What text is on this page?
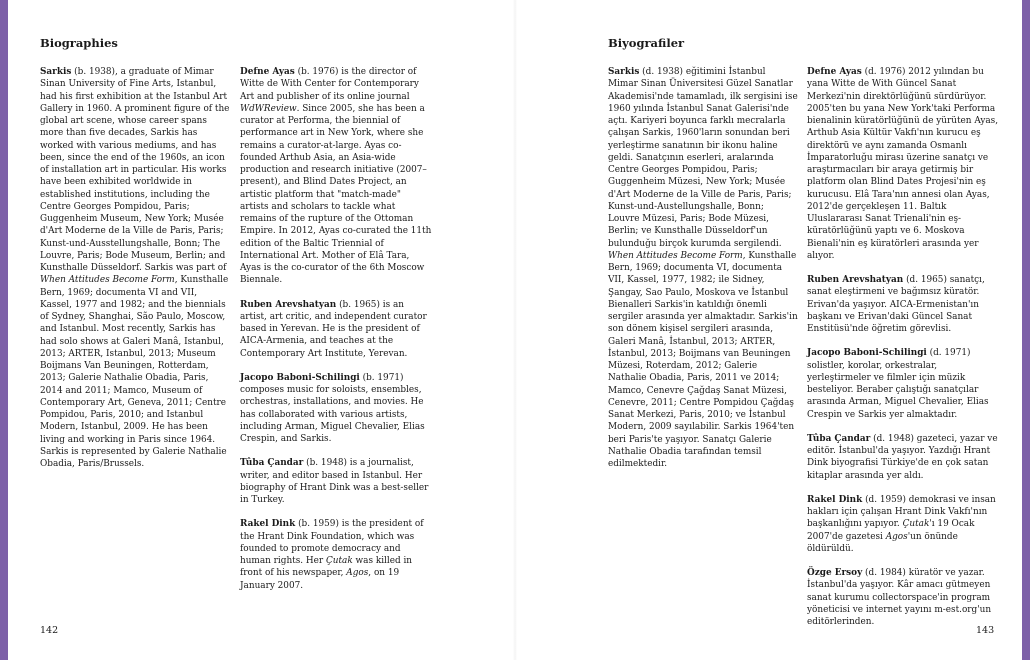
Biographies

Sarkis (b. 1938), a graduate of Mimar Sinan University of Fine Arts, Istanbul, had his first exhibition at the Istanbul Art Gallery in 1960. A prominent figure of the global art scene, whose career spans more than five decades, Sarkis has worked with various mediums, and has been, since the end of the 1960s, an icon of installation art in particular. His works have been exhibited worldwide in established institutions, including the Centre Georges Pompidou, Paris; Guggenheim Museum, New York; Musée d'Art Moderne de la Ville de Paris, Paris; Kunst-und-Ausstellungshalle, Bonn; The Louvre, Paris; Bode Museum, Berlin; and Kunsthalle Düsseldorf. Sarkis was part of When Attitudes Become Form, Kunsthalle Bern, 1969; documenta VI and VII, Kassel, 1977 and 1982; and the biennials of Sydney, Shanghai, São Paulo, Moscow, and Istanbul. Most recently, Sarkis has had solo shows at Galeri Manâ, Istanbul, 2013; ARTER, Istanbul, 2013; Museum Boijmans Van Beuningen, Rotterdam, 2013; Galerie Nathalie Obadia, Paris, 2014 and 2011; Mamco, Museum of Contemporary Art, Geneva, 2011; Centre Pompidou, Paris, 2010; and Istanbul Modern, Istanbul, 2009. He has been living and working in Paris since 1964. Sarkis is represented by Galerie Nathalie Obadia, Paris/Brussels.

Defne Ayas (b. 1976) is the director of Witte de With Center for Contemporary Art and publisher of its online journal WdWReview. Since 2005, she has been a curator at Performa, the biennial of performance art in New York, where she remains a curator-at-large. Ayas co-founded Arthub Asia, an Asia-wide production and research initiative (2007–present), and Blind Dates Project, an artistic platform that "match-made" artists and scholars to tackle what remains of the rupture of the Ottoman Empire. In 2012, Ayas co-curated the 11th edition of the Baltic Triennial of International Art. Mother of Elâ Tara, Ayas is the co-curator of the 6th Moscow Biennale.

Ruben Arevshatyan (b. 1965) is an artist, art critic, and independent curator based in Yerevan. He is the president of AICA-Armenia, and teaches at the Contemporary Art Institute, Yerevan.

Jacopo Baboni-Schilingi (b. 1971) composes music for soloists, ensembles, orchestras, installations, and movies. He has collaborated with various artists, including Arman, Miguel Chevalier, Elias Crespin, and Sarkis.

Tûba Çandar (b. 1948) is a journalist, writer, and editor based in Istanbul. Her biography of Hrant Dink was a best-seller in Turkey.

Rakel Dink (b. 1959) is the president of the Hrant Dink Foundation, which was founded to promote democracy and human rights. Her Çutak was killed in front of his newspaper, Agos, on 19 January 2007.

142
Biyografiler

Sarkis (d. 1938) eğitimini İstanbul Mimar Sinan Üniversitesi Güzel Sanatlar Akademisi'nde tamamladı, ilk sergisini ise 1960 yılında İstanbul Sanat Galerisi'nde açtı. Kariyeri boyunca farklı mecralarla çalışan Sarkis, 1960'ların sonundan beri yerleştirme sanatının bir ikonu haline geldi. Sanatçının eserleri, aralarında Centre Georges Pompidou, Paris; Guggenheim Müzesi, New York; Musée d'Art Moderne de la Ville de Paris, Paris; Kunst-und-Austellungshalle, Bonn; Louvre Müzesi, Paris; Bode Müzesi, Berlin; ve Kunsthalle Düsseldorf'un bulunduğu birçok kurumda sergilendi. When Attitudes Become Form, Kunsthalle Bern, 1969; documenta VI, documenta VII, Kassel, 1977, 1982; ile Sidney, Şangay, Sao Paulo, Moskova ve İstanbul Bienalleri Sarkis'in katıldığı önemli sergiler arasında yer almaktadır. Sarkis'in son dönem kişisel sergileri arasında, Galeri Manâ, İstanbul, 2013; ARTER, İstanbul, 2013; Boijmans van Beuningen Müzesi, Roterdam, 2012; Galerie Nathalie Obadia, Paris, 2011 ve 2014; Mamco, Cenevre Çağdaş Sanat Müzesi, Cenevre, 2011; Centre Pompidou Çağdaş Sanat Merkezi, Paris, 2010; ve İstanbul Modern, 2009 sayılabilir. Sarkis 1964'ten beri Paris'te yaşıyor. Sanatçı Galerie Nathalie Obadia tarafından temsil edilmektedir.

Defne Ayas (d. 1976) 2012 yılından bu yana Witte de With Güncel Sanat Merkezi'nin direktörlüğünü sürdürüyor. 2005'ten bu yana New York'taki Performa bienalinin küratörlüğünü de yürüten Ayas, Arthub Asia Kültür Vakfı'nın kurucu eş direktörü ve aynı zamanda Osmanlı İmparatorluğu mirası üzerine sanatçı ve araştırmacıları bir araya getirmiş bir platform olan Blind Dates Projesi'nin eş kurucusu. Elâ Tara'nın annesi olan Ayas, 2012'de gerçekleşen 11. Baltık Uluslararası Sanat Trienali'nin eş-küratörlüğünü yaptı ve 6. Moskova Bienali'nin eş küratörleri arasında yer alıyor.

Ruben Arevshatyan (d. 1965) sanatçı, sanat eleştirmeni ve bağımsız küratör. Erivan'da yaşıyor. AICA-Ermenistan'ın başkanı ve Erivan'daki Güncel Sanat Enstitüsü'nde öğretim görevlisi.

Jacopo Baboni-Schilingi (d. 1971) solistler, korolar, orkestralar, yerleştirmeler ve filmler için müzik besteliyor. Beraber çalıştığı sanatçılar arasında Arman, Miguel Chevalier, Elias Crespin ve Sarkis yer almaktadır.

Tûba Çandar (d. 1948) gazeteci, yazar ve editör. İstanbul'da yaşıyor. Yazdığı Hrant Dink biyografisi Türkiye'de en çok satan kitaplar arasında yer aldı.

Rakel Dink (d. 1959) demokrasi ve insan hakları için çalışan Hrant Dink Vakfı'nın başkanlığını yapıyor. Çutak'ı 19 Ocak 2007'de gazetesi Agos'un önünde öldürüldü.

Özge Ersoy (d. 1984) küratör ve yazar. İstanbul'da yaşıyor. Kâr amacı gütmeyen sanat kurumu collectorspace'in program yöneticisi ve internet yayını m-est.org'un editörlerinden.

143
